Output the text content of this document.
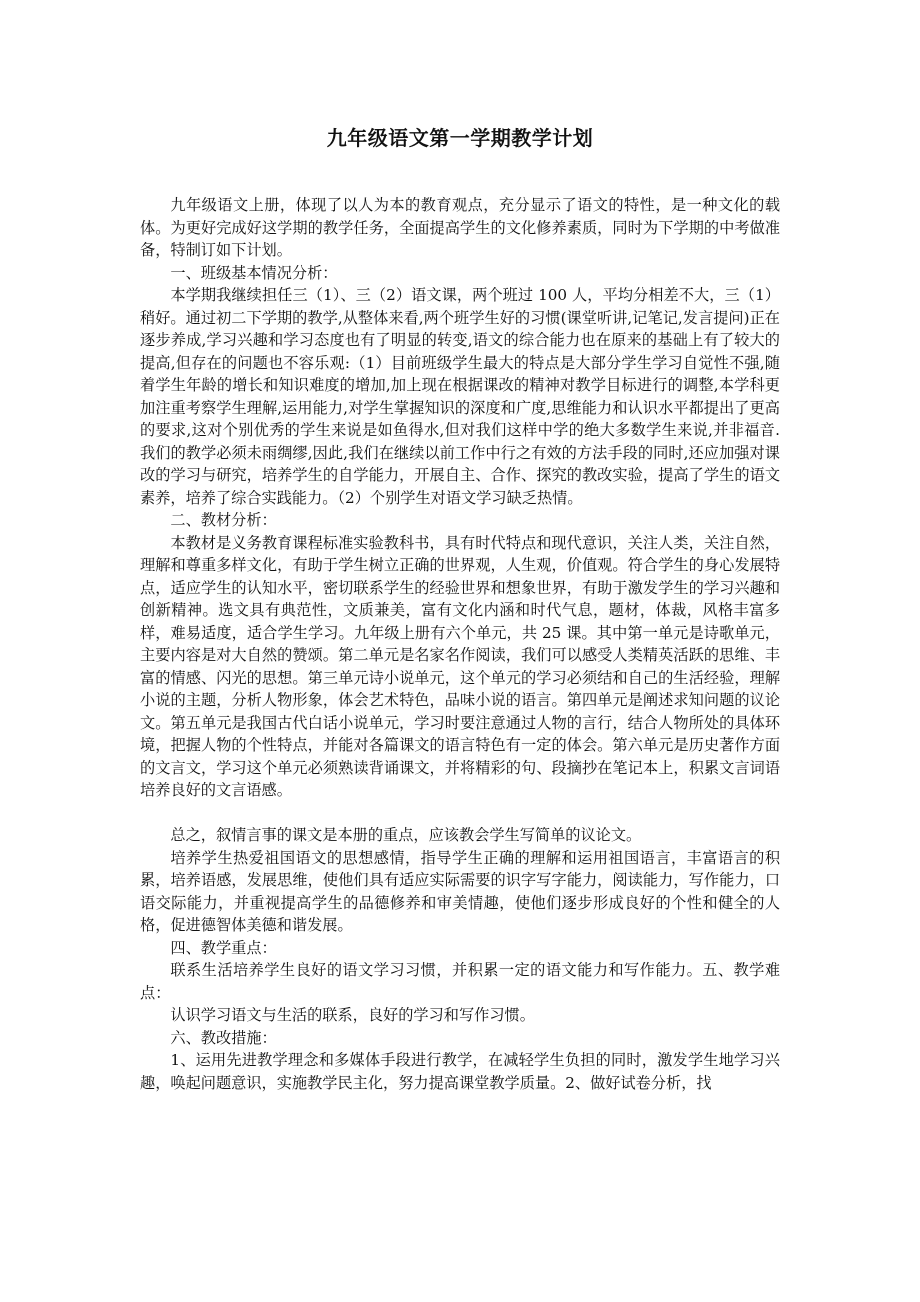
九年级语文第一学期教学计划
九年级语文上册，体现了以人为本的教育观点，充分显示了语文的特性，是一种文化的载体。为更好完成好这学期的教学任务，全面提高学生的文化修养素质，同时为下学期的中考做准备，特制订如下计划。
一、班级基本情况分析：
本学期我继续担任三（1）、三（2）语文课，两个班过 100 人，平均分相差不大，三（1）稍好。通过初二下学期的教学,从整体来看,两个班学生好的习惯(课堂听讲,记笔记,发言提问)正在逐步养成,学习兴趣和学习态度也有了明显的转变,语文的综合能力也在原来的基础上有了较大的提高,但存在的问题也不容乐观:（1）目前班级学生最大的特点是大部分学生学习自觉性不强,随着学生年龄的增长和知识难度的增加,加上现在根据课改的精神对教学目标进行的调整,本学科更加注重考察学生理解,运用能力,对学生掌握知识的深度和广度,思维能力和认识水平都提出了更高的要求,这对个别优秀的学生来说是如鱼得水,但对我们这样中学的绝大多数学生来说,并非福音.我们的教学必须未雨绸缪,因此,我们在继续以前工作中行之有效的方法手段的同时,还应加强对课改的学习与研究，培养学生的自学能力，开展自主、合作、探究的教改实验，提高了学生的语文素养，培养了综合实践能力。（2）个别学生对语文学习缺乏热情。
二、教材分析：
本教材是义务教育课程标准实验教科书，具有时代特点和现代意识，关注人类，关注自然，理解和尊重多样文化，有助于学生树立正确的世界观，人生观，价值观。符合学生的身心发展特点，适应学生的认知水平，密切联系学生的经验世界和想象世界，有助于激发学生的学习兴趣和创新精神。选文具有典范性，文质兼美，富有文化内涵和时代气息，题材，体裁，风格丰富多样，难易适度，适合学生学习。九年级上册有六个单元，共 25 课。其中第一单元是诗歌单元，主要内容是对大自然的赞颂。第二单元是名家名作阅读，我们可以感受人类精英活跃的思维、丰富的情感、闪光的思想。第三单元诗小说单元，这个单元的学习必须结和自己的生活经验，理解小说的主题，分析人物形象，体会艺术特色，品味小说的语言。第四单元是阐述求知问题的议论文。第五单元是我国古代白话小说单元，学习时要注意通过人物的言行，结合人物所处的具体环境，把握人物的个性特点，并能对各篇课文的语言特色有一定的体会。第六单元是历史著作方面的文言文，学习这个单元必须熟读背诵课文，并将精彩的句、段摘抄在笔记本上，积累文言词语培养良好的文言语感。
总之，叙情言事的课文是本册的重点，应该教会学生写简单的议论文。
培养学生热爱祖国语文的思想感情，指导学生正确的理解和运用祖国语言，丰富语言的积累，培养语感，发展思维，使他们具有适应实际需要的识字写字能力，阅读能力，写作能力，口语交际能力，并重视提高学生的品德修养和审美情趣，使他们逐步形成良好的个性和健全的人格，促进德智体美德和谐发展。
四、教学重点：
联系生活培养学生良好的语文学习习惯，并积累一定的语文能力和写作能力。五、教学难点：
认识学习语文与生活的联系，良好的学习和写作习惯。
六、教改措施：
1、运用先进教学理念和多媒体手段进行教学，在减轻学生负担的同时，激发学生地学习兴趣，唤起问题意识，实施教学民主化，努力提高课堂教学质量。2、做好试卷分析，找
